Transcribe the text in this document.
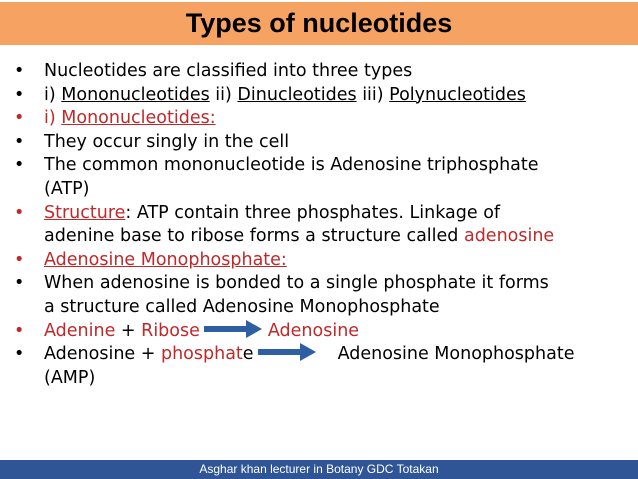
Types of nucleotides
• Nucleotides are classified into three types
• i) Mononucleotides ii) Dinucleotides iii) Polynucleotides
• i) Mononucleotides:
• They occur singly in the cell
• The common mononucleotide is Adenosine triphosphate
(ATP)
• Structure: ATP contain three phosphates. Linkage of
adenine base to ribose forms a structure called adenosine
• Adenosine Monophosphate:
• When adenosine is bonded to a single phosphate it forms
a structure called Adenosine Monophosphate
• Adenine + Ribose	Adenosine
• Adenosine + phosphate	Adenosine Monophosphate
(AMP)
Asghar khan lecturer in Botany GDC Totakan
